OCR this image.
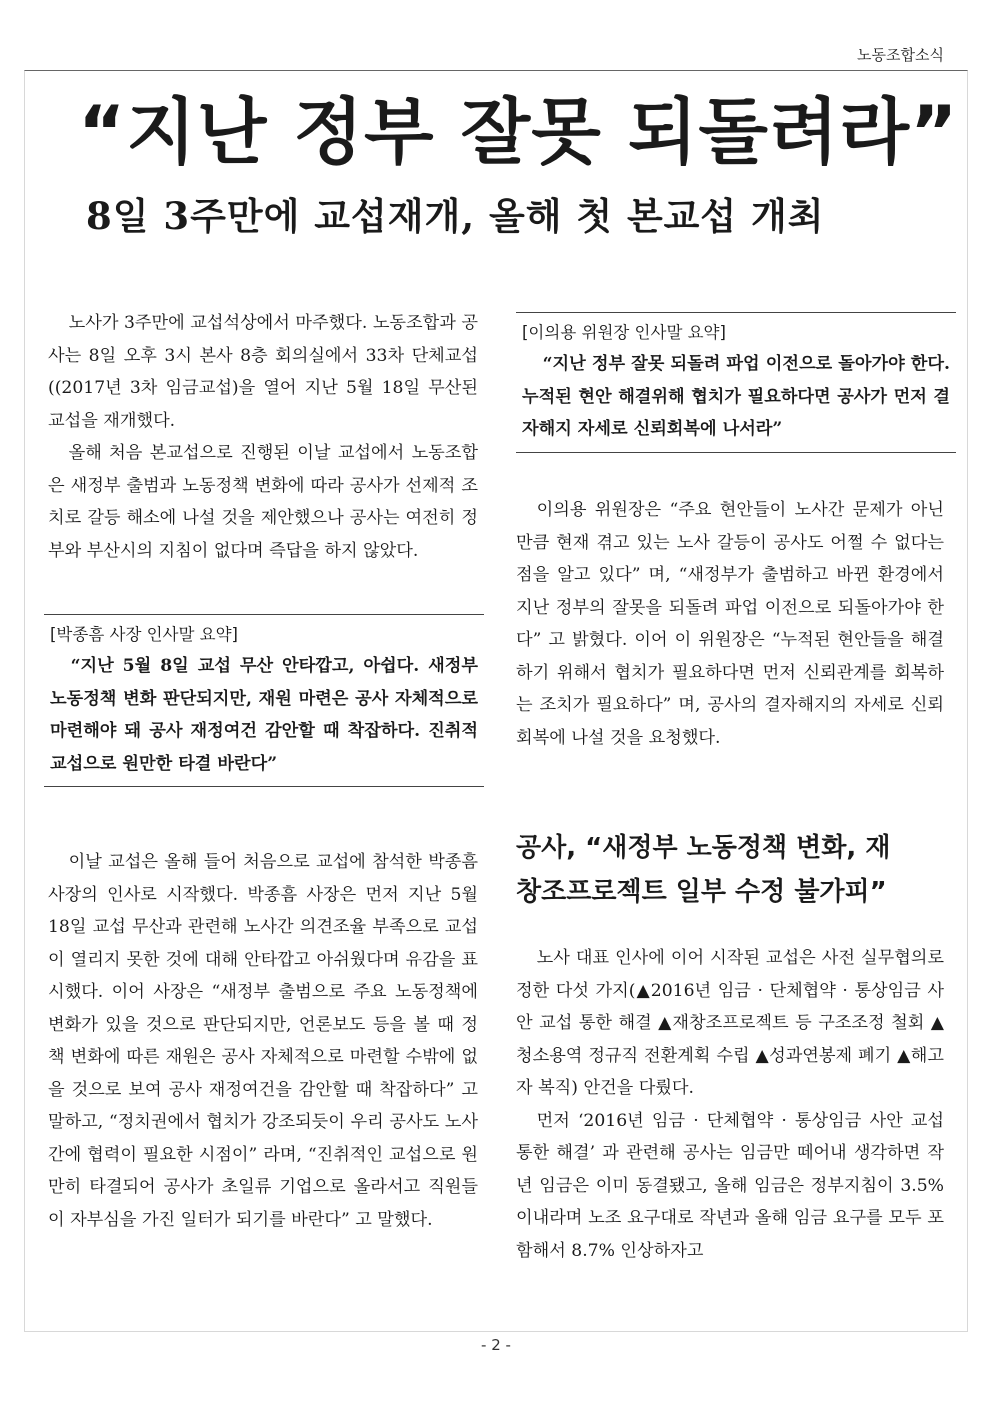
노동조합소식
“지난 정부 잘못 되돌려라”
8일 3주만에 교섭재개, 올해 첫 본교섭 개최

노사가 3주만에 교섭석상에서 마주했다. 노동조합과 공사는 8일 오후 3시 본사 8층 회의실에서 33차 단체교섭((2017년 3차 임금교섭)을 열어 지난 5월 18일 무산된 교섭을 재개했다.

올해 처음 본교섭으로 진행된 이날 교섭에서 노동조합은 새정부 출범과 노동정책 변화에 따라 공사가 선제적 조치로 갈등 해소에 나설 것을 제안했으나 공사는 여전히 정부와 부산시의 지침이 없다며 즉답을 하지 않았다.

[박종흠 사장 인사말 요약]
“지난 5월 8일 교섭 무산 안타깝고, 아쉽다. 새정부 노동정책 변화 판단되지만, 재원 마련은 공사 자체적으로 마련해야 돼 공사 재정여건 감안할 때 착잡하다. 진취적 교섭으로 원만한 타결 바란다”

이날 교섭은 올해 들어 처음으로 교섭에 참석한 박종흠 사장의 인사로 시작했다. 박종흠 사장은 먼저 지난 5월 18일 교섭 무산과 관련해 노사간 의견조율 부족으로 교섭이 열리지 못한 것에 대해 안타깝고 아쉬웠다며 유감을 표시했다. 이어 사장은 “새정부 출범으로 주요 노동정책에 변화가 있을 것으로 판단되지만, 언론보도 등을 볼 때 정책 변화에 따른 재원은 공사 자체적으로 마련할 수밖에 없을 것으로 보여 공사 재정여건을 감안할 때 착잡하다” 고 말하고, “정치권에서 협치가 강조되듯이 우리 공사도 노사간에 협력이 필요한 시점이” 라며, “진취적인 교섭으로 원만히 타결되어 공사가 초일류 기업으로 올라서고 직원들이 자부심을 가진 일터가 되기를 바란다” 고 말했다.

[이의용 위원장 인사말 요약]
“지난 정부 잘못 되돌려 파업 이전으로 돌아가야 한다. 누적된 현안 해결위해 협치가 필요하다면 공사가 먼저 결자해지 자세로 신뢰회복에 나서라”

이의용 위원장은 “주요 현안들이 노사간 문제가 아닌 만큼 현재 겪고 있는 노사 갈등이 공사도 어쩔 수 없다는 점을 알고 있다” 며, “새정부가 출범하고 바뀐 환경에서 지난 정부의 잘못을 되돌려 파업 이전으로 되돌아가야 한다” 고 밝혔다. 이어 이 위원장은 “누적된 현안들을 해결하기 위해서 협치가 필요하다면 먼저 신뢰관계를 회복하는 조치가 필요하다” 며, 공사의 결자해지의 자세로 신뢰회복에 나설 것을 요청했다.

공사, “새정부 노동정책 변화, 재
창조프로젝트 일부 수정 불가피”

노사 대표 인사에 이어 시작된 교섭은 사전 실무협의로 정한 다섯 가지(▲2016년 임금 · 단체협약 · 통상임금 사안 교섭 통한 해결 ▲재창조프로젝트 등 구조조정 철회 ▲청소용역 정규직 전환계획 수립 ▲성과연봉제 폐기 ▲해고자 복직) 안건을 다뤘다.

먼저 ‘2016년 임금 · 단체협약 · 통상임금 사안 교섭 통한 해결’ 과 관련해 공사는 임금만 떼어내 생각하면 작년 임금은 이미 동결됐고, 올해 임금은 정부지침이 3.5% 이내라며 노조 요구대로 작년과 올해 임금 요구를 모두 포함해서 8.7% 인상하자고

- 2 -
